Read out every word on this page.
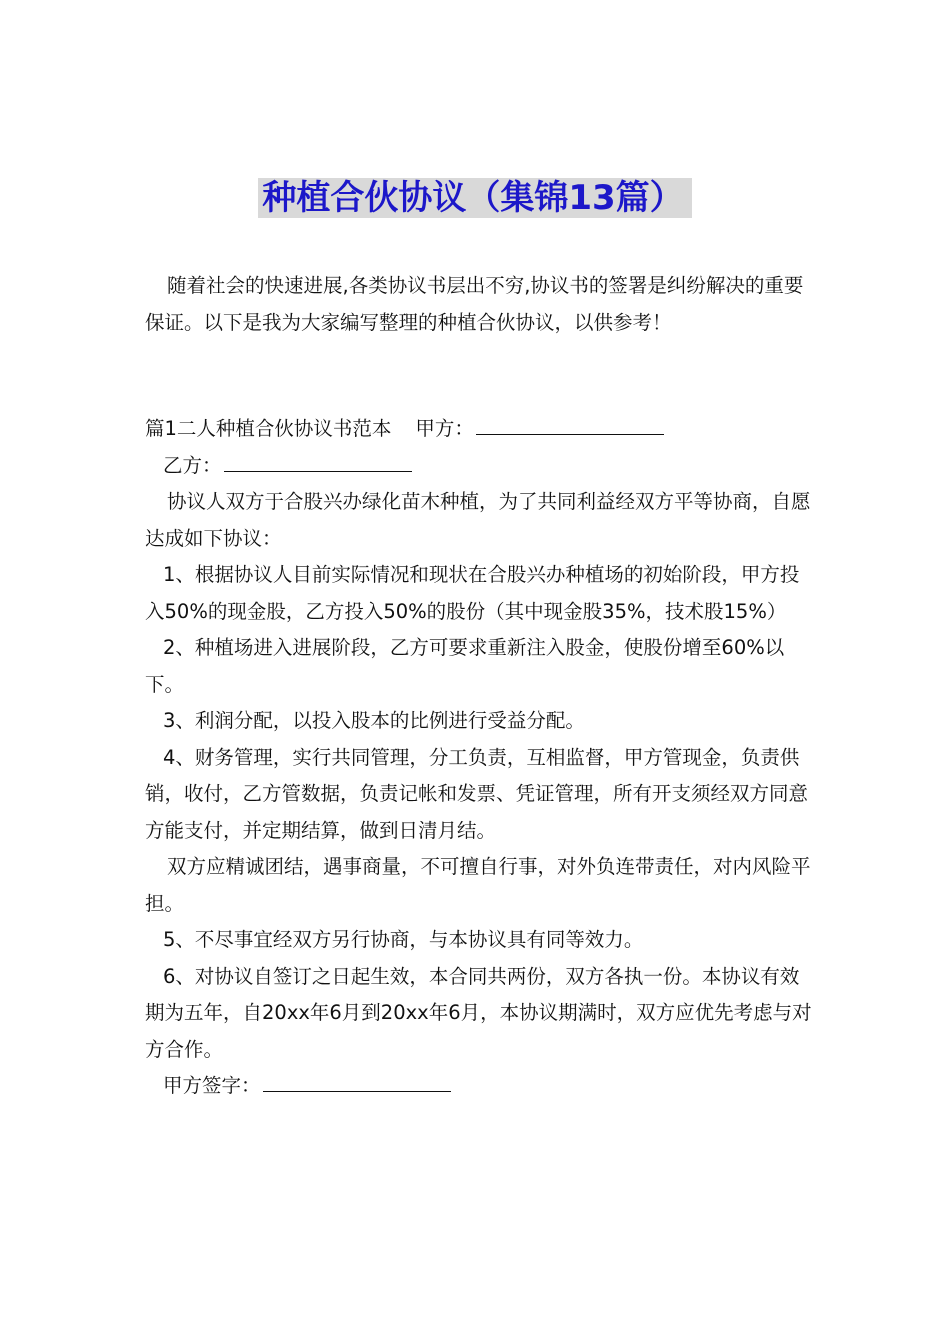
种植合伙协议（集锦13篇）

随着社会的快速进展,各类协议书层出不穷,协议书的签署是纠纷解决的重要保证。以下是我为大家编写整理的种植合伙协议，以供参考！

篇1二人种植合伙协议书范本 甲方：

乙方：

协议人双方于合股兴办绿化苗木种植，为了共同利益经双方平等协商，自愿达成如下协议：

1、根据协议人目前实际情况和现状在合股兴办种植场的初始阶段，甲方投入50%的现金股，乙方投入50%的股份（其中现金股35%，技术股15%）

2、种植场进入进展阶段，乙方可要求重新注入股金，使股份增至60%以下。

3、利润分配，以投入股本的比例进行受益分配。

4、财务管理，实行共同管理，分工负责，互相监督，甲方管现金，负责供销，收付，乙方管数据，负责记帐和发票、凭证管理，所有开支须经双方同意方能支付，并定期结算，做到日清月结。

双方应精诚团结，遇事商量，不可擅自行事，对外负连带责任，对内风险平担。

5、不尽事宜经双方另行协商，与本协议具有同等效力。

6、对协议自签订之日起生效，本合同共两份，双方各执一份。本协议有效期为五年，自20xx年6月到20xx年6月，本协议期满时，双方应优先考虑与对方合作。

甲方签字：
